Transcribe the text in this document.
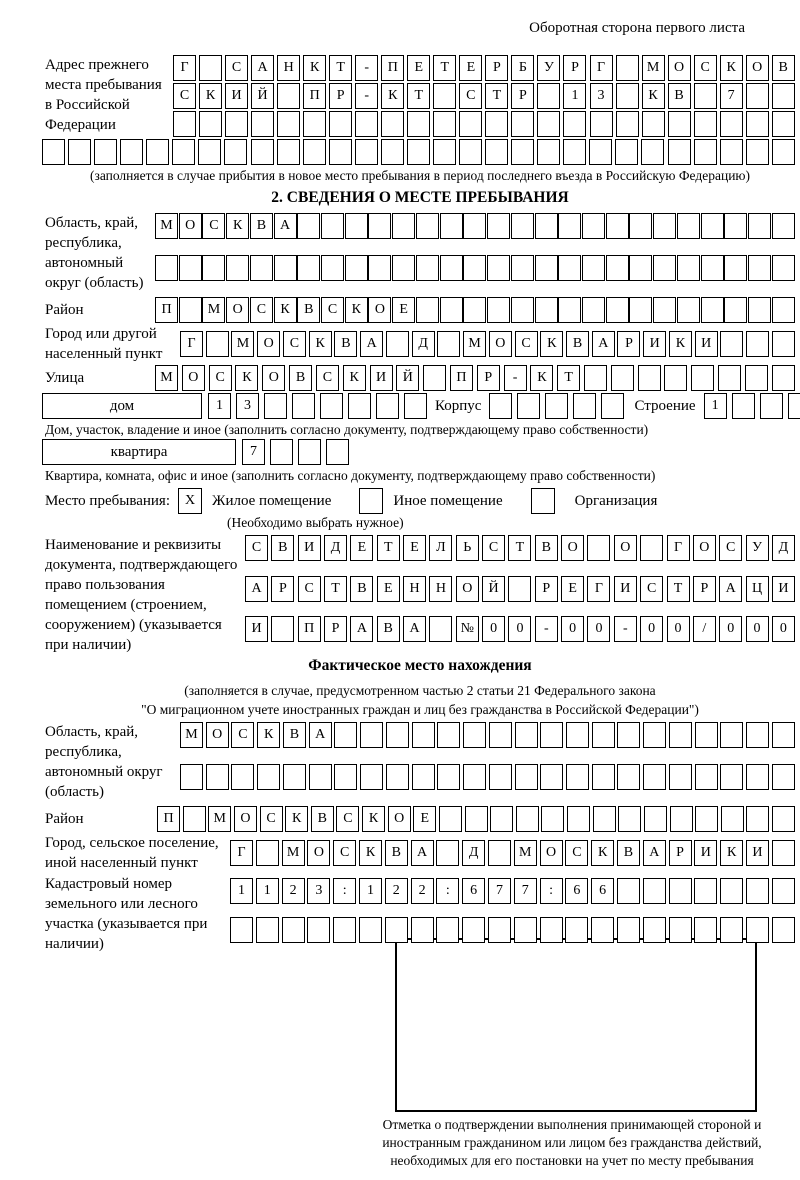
Оборотная сторона первого листа
Адрес прежнего места пребывания в Российской Федерации
Г	С	А	Н	К	Т	-	П	Е	Т	Е	Р	Б	У	Р	Г	М	О	С	К	О	В
С	К	И	Й	П	Р	-	К	Т	С	Т	Р	1	3	К	В	7
(заполняется в случае прибытия в новое место пребывания в период последнего въезда в Российскую Федерацию)
2. СВЕДЕНИЯ О МЕСТЕ ПРЕБЫВАНИЯ
Область, край, республика, автономный округ (область)
М О С	К	В А
Район	П	М О С	К	В	С	К О	Е
Город или другой населенный пункт
Г	М	О	С	К	В	А	Д	М	О	С	К	В	А	Р	И	К	И
Улица	М	О	С	К	О	В	С	К	И	Й	П	Р	-	К	Т
дом	1	3	Корпус	Строение	1
Дом, участок, владение и иное (заполнить согласно документу, подтверждающему право собственности)
квартира	7
Квартира, комната, офис и иное (заполнить согласно документу, подтверждающему право собственности)
Место пребывания:	X	Жилое помещение	Иное помещение	Организация
(Необходимо выбрать нужное)
Наименование и реквизиты документа, подтверждающего право пользования помещением (строением, сооружением) (указывается при наличии)
С	В	И	Д	Е	Т	Е	Л	Ь	С	Т	В	О	О	Г	О	С	У	Д
А	Р	С	Т	В	Е	Н	Н	О	Й	Р	Е	Г	И	С	Т	Р	А	Ц	И
И	П	Р	А	В	А	№	0	0	-	0	0	-	0	0	/	0	0	0
Фактическое место нахождения
(заполняется в случае, предусмотренном частью 2 статьи 21 Федерального закона
"О миграционном учете иностранных граждан и лиц без гражданства в Российской Федерации")
Область, край, республика, автономный округ (область)
М	О	С	К	В	А
Район	П	М	О	С	К	В	С	К	О	Е
Город, сельское поселение, иной населенный пункт
Г	М	О	С	К	В	А	Д	М	О	С	К	В	А	Р	И	К	И
Кадастровый номер земельного или лесного участка (указывается при наличии)
1	1	2	3	:	1	2	2	:	6	7	7	:	6	6
Отметка о подтверждении выполнения принимающей стороной и иностранным гражданином или лицом без гражданства действий, необходимых для его постановки на учет по месту пребывания
